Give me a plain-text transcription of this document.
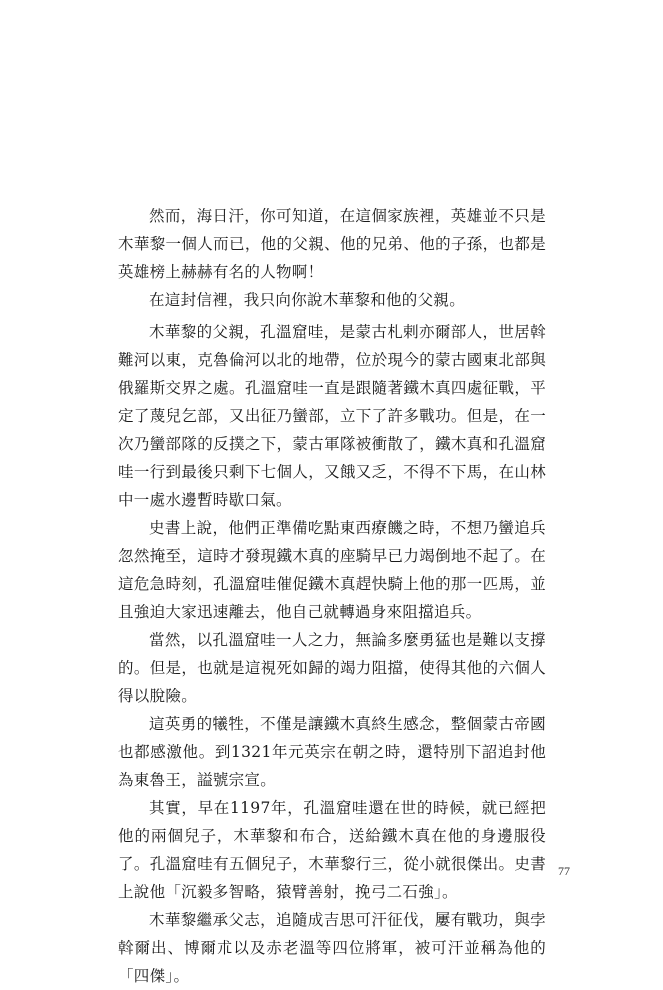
然而，海日汗，你可知道，在這個家族裡，英雄並不只是木華黎一個人而已，他的父親、他的兄弟、他的子孫，也都是英雄榜上赫赫有名的人物啊！

在這封信裡，我只向你說木華黎和他的父親。

木華黎的父親，孔溫窟哇，是蒙古札剌亦爾部人，世居斡難河以東，克魯倫河以北的地帶，位於現今的蒙古國東北部與俄羅斯交界之處。孔溫窟哇一直是跟隨著鐵木真四處征戰，平定了蔑兒乞部，又出征乃蠻部，立下了許多戰功。但是，在一次乃蠻部隊的反撲之下，蒙古軍隊被衝散了，鐵木真和孔溫窟哇一行到最後只剩下七個人，又餓又乏，不得不下馬，在山林中一處水邊暫時歇口氣。

史書上說，他們正準備吃點東西療饑之時，不想乃蠻追兵忽然掩至，這時才發現鐵木真的座騎早已力竭倒地不起了。在這危急時刻，孔溫窟哇催促鐵木真趕快騎上他的那一匹馬，並且強迫大家迅速離去，他自己就轉過身來阻擋追兵。

當然，以孔溫窟哇一人之力，無論多麼勇猛也是難以支撐的。但是，也就是這視死如歸的竭力阻擋，使得其他的六個人得以脫險。

這英勇的犧牲，不僅是讓鐵木真終生感念，整個蒙古帝國也都感激他。到1321年元英宗在朝之時，還特別下詔追封他為東魯王，謚號宗宣。

其實，早在1197年，孔溫窟哇還在世的時候，就已經把他的兩個兒子，木華黎和布合，送給鐵木真在他的身邊服役了。孔溫窟哇有五個兒子，木華黎行三，從小就很傑出。史書上說他「沉毅多智略，猿臂善射，挽弓二石強」。

木華黎繼承父志，追隨成吉思可汗征伐，屢有戰功，與孛斡爾出、博爾朮以及赤老溫等四位將軍，被可汗並稱為他的「四傑」。

77
